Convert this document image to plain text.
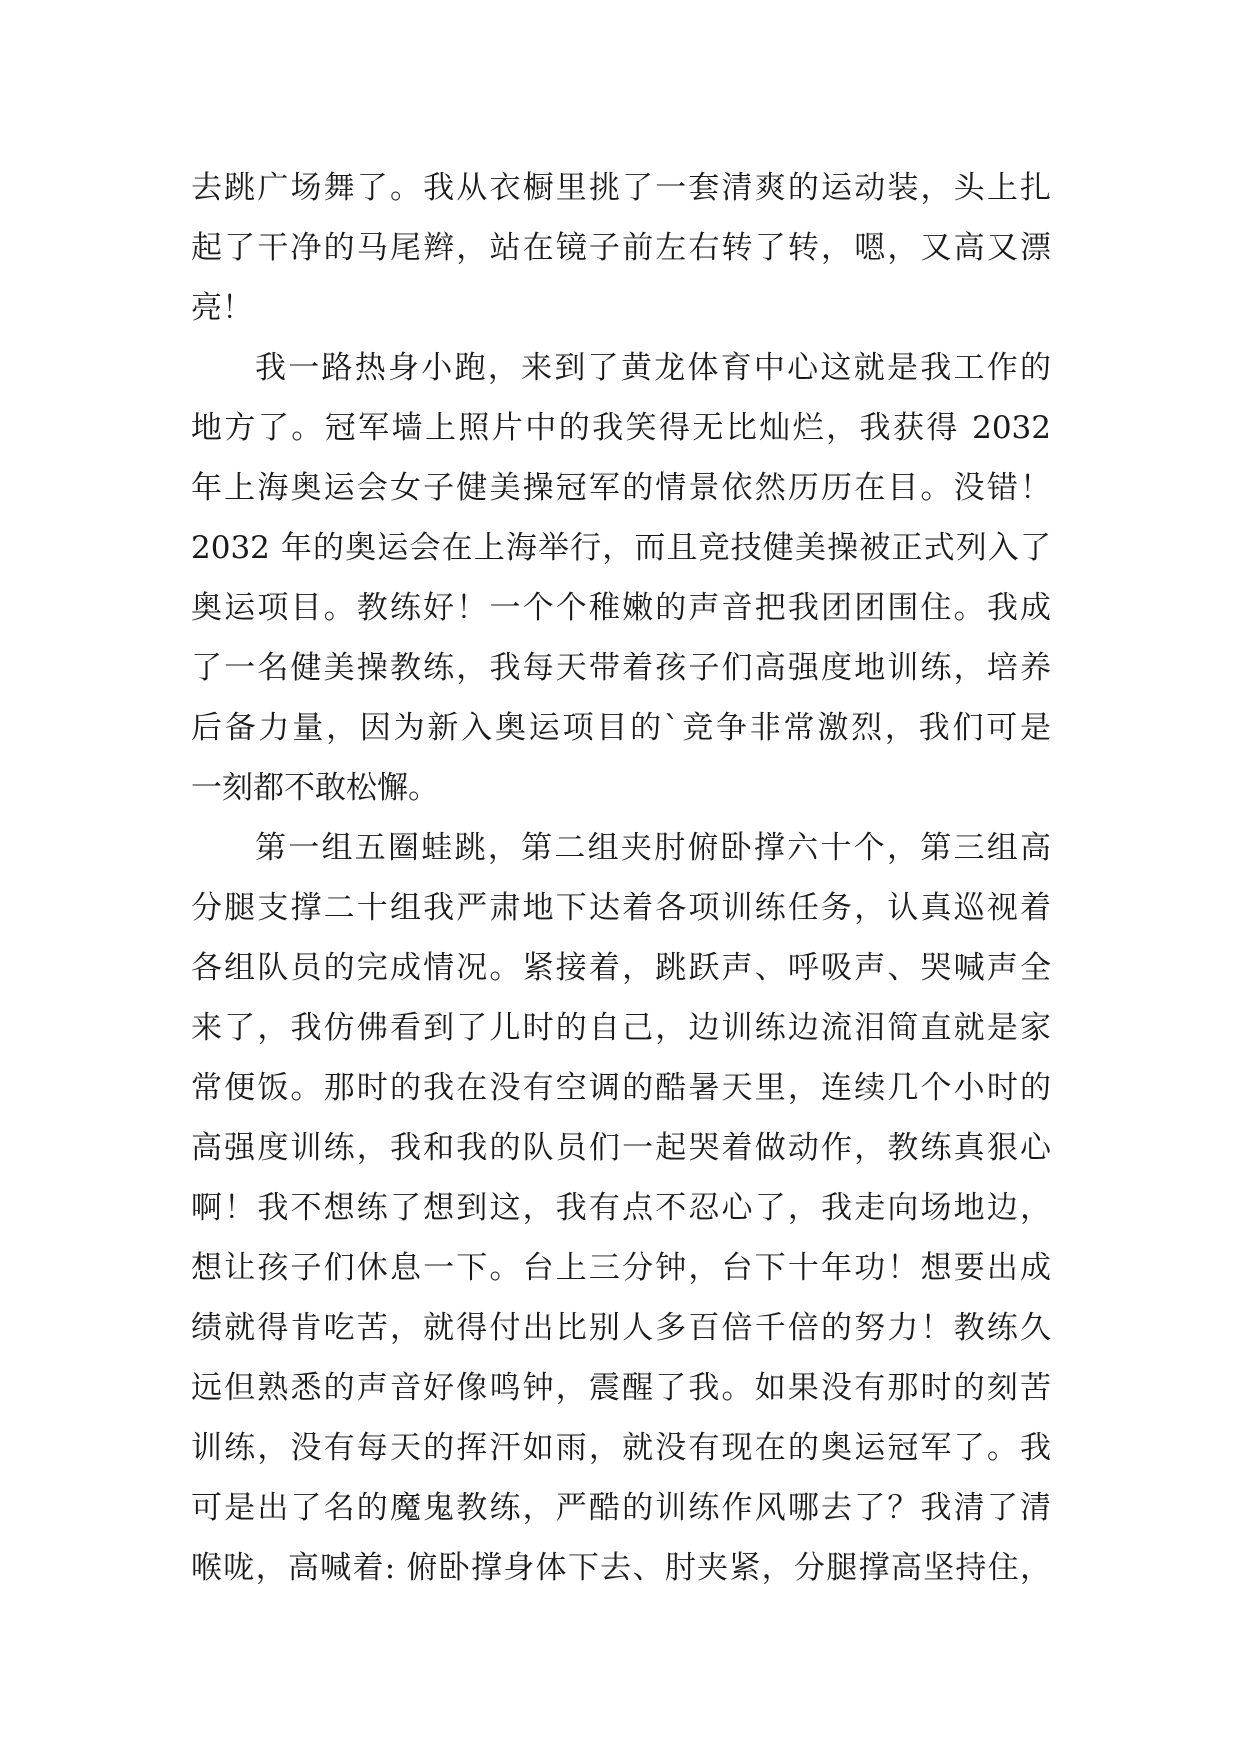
去跳广场舞了。我从衣橱里挑了一套清爽的运动装，头上扎
起了干净的马尾辫，站在镜子前左右转了转，嗯，又高又漂
亮！
我一路热身小跑，来到了黄龙体育中心这就是我工作的
地方了。冠军墙上照片中的我笑得无比灿烂，我获得 2032
年上海奥运会女子健美操冠军的情景依然历历在目。没错！
2032 年的奥运会在上海举行，而且竞技健美操被正式列入了
奥运项目。教练好！一个个稚嫩的声音把我团团围住。我成
了一名健美操教练，我每天带着孩子们高强度地训练，培养
后备力量，因为新入奥运项目的`竞争非常激烈，我们可是
一刻都不敢松懈。
第一组五圈蛙跳，第二组夹肘俯卧撑六十个，第三组高
分腿支撑二十组我严肃地下达着各项训练任务，认真巡视着
各组队员的完成情况。紧接着，跳跃声、呼吸声、哭喊声全
来了，我仿佛看到了儿时的自己，边训练边流泪简直就是家
常便饭。那时的我在没有空调的酷暑天里，连续几个小时的
高强度训练，我和我的队员们一起哭着做动作，教练真狠心
啊！我不想练了想到这，我有点不忍心了，我走向场地边，
想让孩子们休息一下。台上三分钟，台下十年功！想要出成
绩就得肯吃苦，就得付出比别人多百倍千倍的努力！教练久
远但熟悉的声音好像鸣钟，震醒了我。如果没有那时的刻苦
训练，没有每天的挥汗如雨，就没有现在的奥运冠军了。我
可是出了名的魔鬼教练，严酷的训练作风哪去了？我清了清
喉咙，高喊着: 俯卧撑身体下去、肘夹紧，分腿撑高坚持住，
